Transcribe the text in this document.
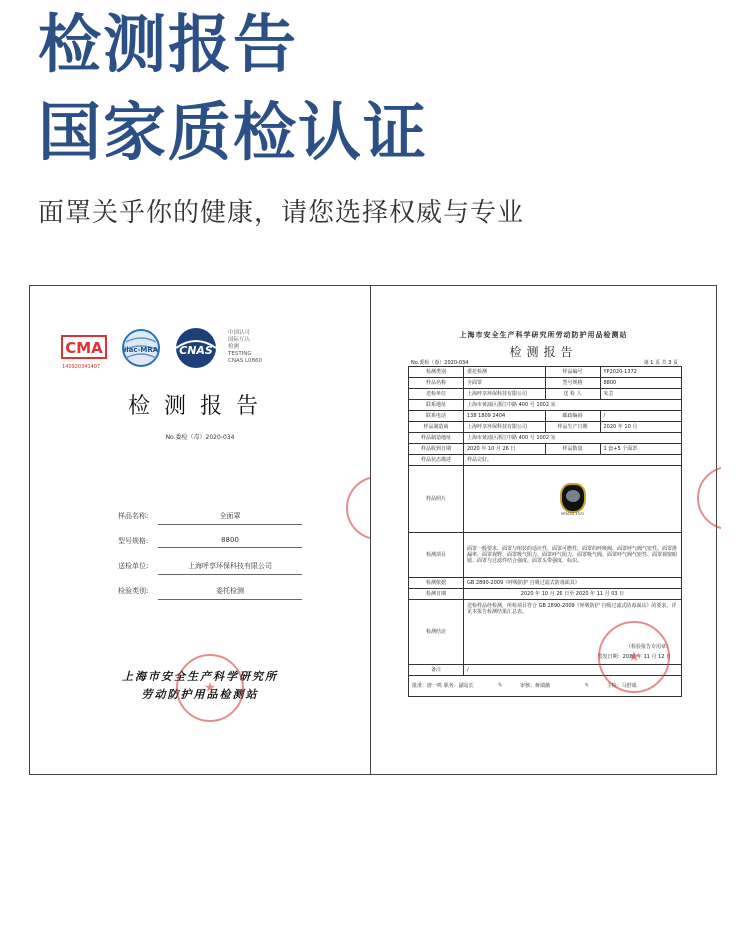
检测报告
国家质检认证
面罩关乎你的健康，请您选择权威与专业
CMA
140920341407
ilac-MRA CNAS
中国认可
国际互认
检测
TESTING
CNAS L0860
检测报告
No.委检（毒）2020-034
样品名称:	全面罩
型号规格:	8800
送检单位:	上海呼享环保科技有限公司
检验类别:	委托检测
上海市安全生产科学研究所
劳动防护用品检测站
★
★
上海市安全生产科学研究所劳动防护用品检测站
检测报告
No.委检（毒）2020-034	第 1 页 共 3 页
检测类别	委托检测	样品编号	YP2020-1372
样品名称	全面罩	型号规格	8800
送检单位	上海呼享环保科技有限公司	送 检 人	朱芸
联系地址	上海市黄浦区浙江中路 400 号 1002 室		
联系电话	138 1809 2404	邮政编码	/
样品制造商	上海呼享环保科技有限公司	样品生产日期	2020 年 10 月
样品制造地址	上海市黄浦区浙江中路 400 号 1002 室		
样品收到日期	2020 年 10 月 26 日	样品数量	1 套+5 个面罩
样品状态描述	样品完好。		
样品照片	YP2020-1372		

检测项目	面罩一般要求、面罩与组装的适应性、面罩可燃性、面罩的呼吸阀、面罩呼气阀气密性、面罩泄漏率、面罩视野、面罩吸气阻力、面罩呼气阻力、面罩吸气阀、面罩呼气阀气密性、面罩视窗眼镜、面罩与过滤件结合强度、面罩头带强度、标识。		
检测依据	GB 2890-2009《呼吸防护 自吸过滤式防毒面具》		
检测日期	2020 年 10 月 26 日至 2020 年 11 月 03 日		
检测结论	送检样品经检测，所检项目符合 GB 2890-2009《呼吸防护 自吸过滤式防毒面具》的要求，详见本报告检测结果汇总表。
（检验报告专用章）
签发日期：2020 年 11 月 12 日		

备注	/		
批准：唐一鸣 职务：副站长 ✎ 审核：蒋瑞薇 ✎ 主检：马舒成			
★
★
